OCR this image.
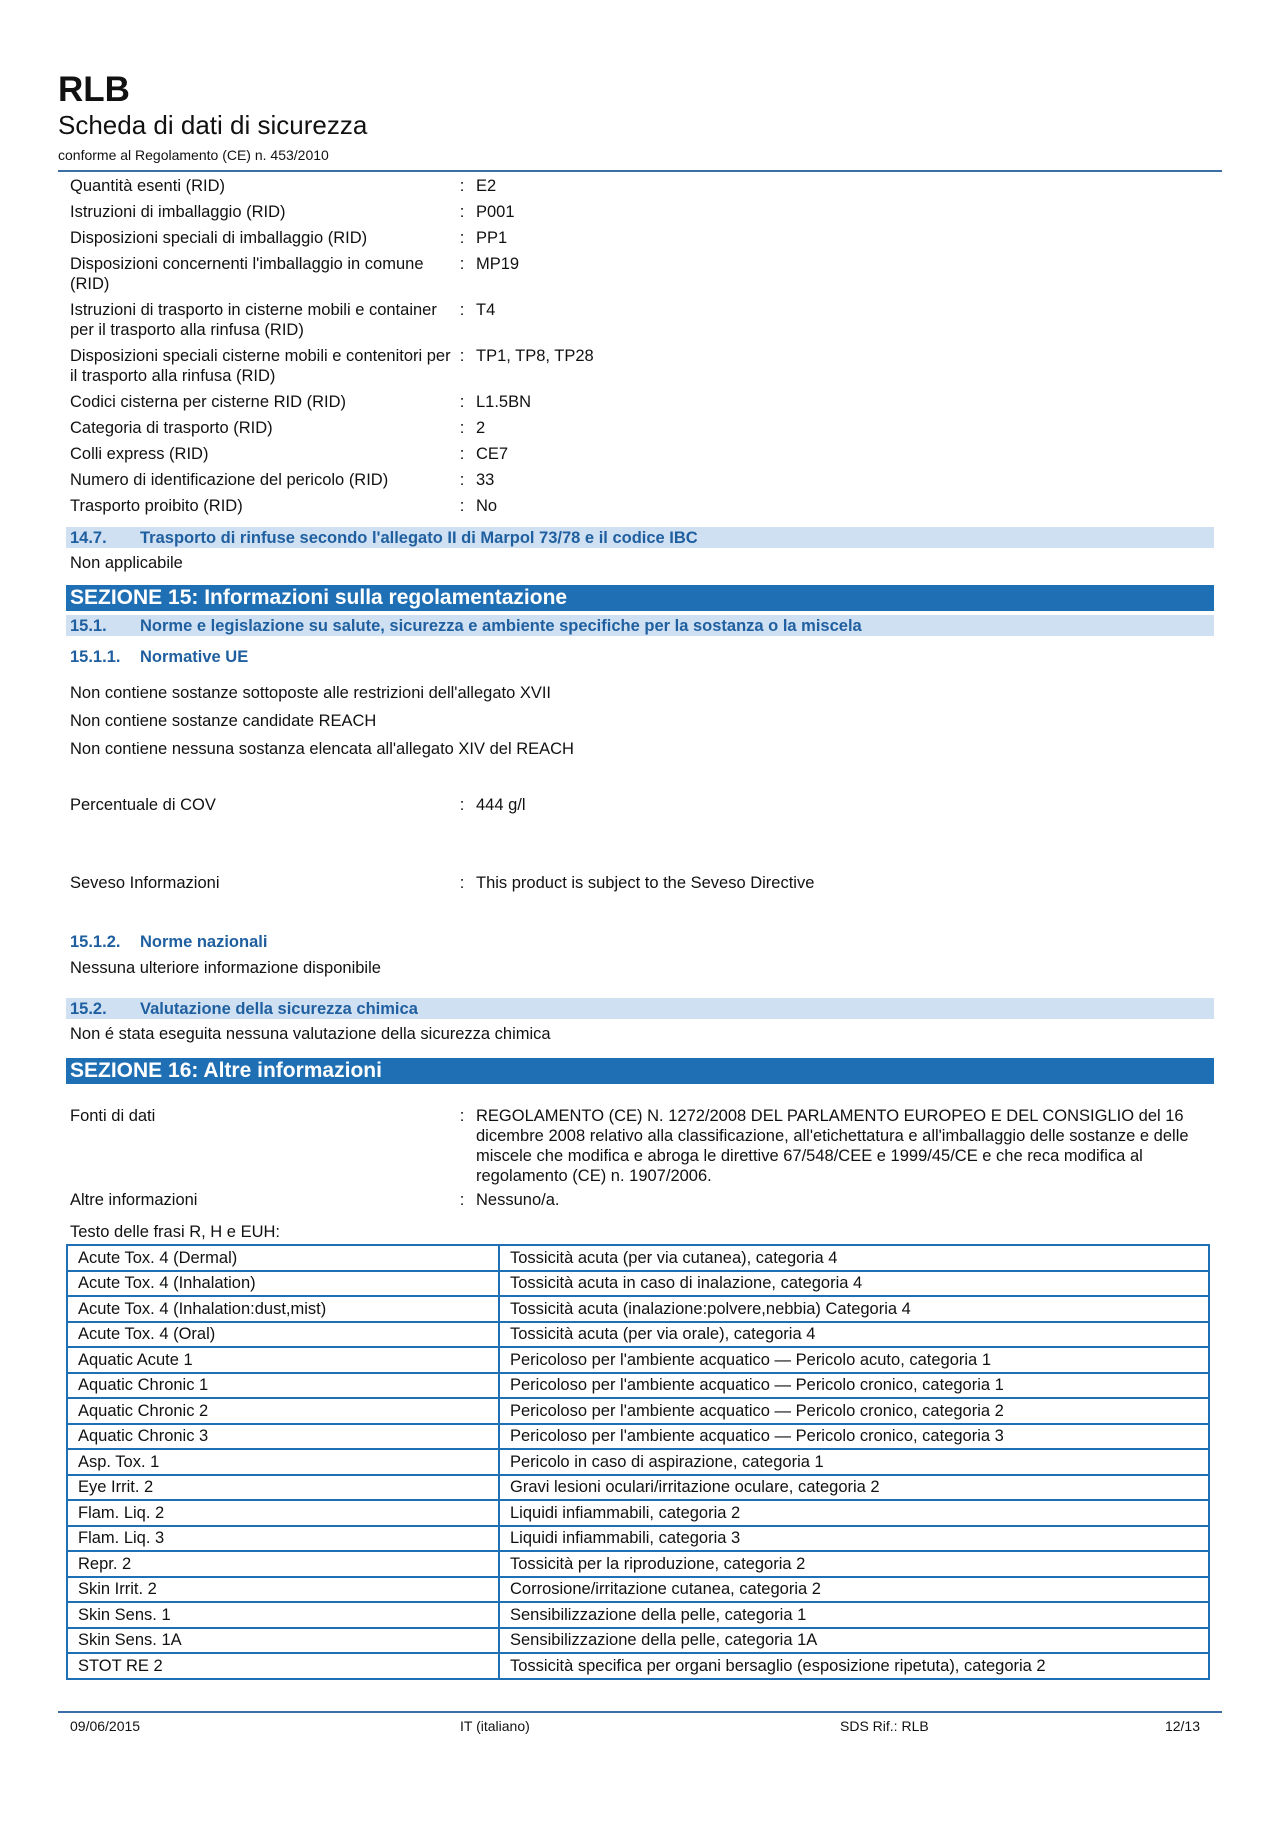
RLB
Scheda di dati di sicurezza
conforme al Regolamento (CE) n. 453/2010
Quantità esenti (RID)	: E2
Istruzioni di imballaggio (RID)	: P001
Disposizioni speciali di imballaggio (RID)	: PP1
Disposizioni concernenti l'imballaggio in comune (RID)
: MP19
Istruzioni di trasporto in cisterne mobili e container per il trasporto alla rinfusa (RID)
: T4
Disposizioni speciali cisterne mobili e contenitori per il trasporto alla rinfusa (RID)
: TP1, TP8, TP28
Codici cisterna per cisterne RID (RID)	: L1.5BN
Categoria di trasporto (RID)	: 2
Colli express (RID)	: CE7
Numero di identificazione del pericolo (RID)	: 33
Trasporto proibito (RID)	: No
14.7.	Trasporto di rinfuse secondo l'allegato II di Marpol 73/78 e il codice IBC
Non applicabile
SEZIONE 15: Informazioni sulla regolamentazione
15.1.	Norme e legislazione su salute, sicurezza e ambiente specifiche per la sostanza o la miscela
15.1.1.	Normative UE
Non contiene sostanze sottoposte alle restrizioni dell'allegato XVII
Non contiene sostanze candidate REACH
Non contiene nessuna sostanza elencata all'allegato XIV del REACH
Percentuale di COV	: 444 g/l
Seveso Informazioni	: This product is subject to the Seveso Directive
15.1.2.	Norme nazionali
Nessuna ulteriore informazione disponibile
15.2.	Valutazione della sicurezza chimica
Non é stata eseguita nessuna valutazione della sicurezza chimica
SEZIONE 16: Altre informazioni
Fonti di dati	: REGOLAMENTO (CE) N. 1272/2008 DEL PARLAMENTO EUROPEO E DEL CONSIGLIO del 16 dicembre 2008 relativo alla classificazione, all'etichettatura e all'imballaggio delle sostanze e delle miscele che modifica e abroga le direttive 67/548/CEE e 1999/45/CE e che reca modifica al regolamento (CE) n. 1907/2006.
Altre informazioni	: Nessuno/a.
Testo delle frasi R, H e EUH:
Acute Tox. 4 (Dermal)	Tossicità acuta (per via cutanea), categoria 4
Acute Tox. 4 (Inhalation)	Tossicità acuta in caso di inalazione, categoria 4
Acute Tox. 4 (Inhalation:dust,mist)	Tossicità acuta (inalazione:polvere,nebbia) Categoria 4
Acute Tox. 4 (Oral)	Tossicità acuta (per via orale), categoria 4
Aquatic Acute 1	Pericoloso per l'ambiente acquatico — Pericolo acuto, categoria 1
Aquatic Chronic 1	Pericoloso per l'ambiente acquatico — Pericolo cronico, categoria 1
Aquatic Chronic 2	Pericoloso per l'ambiente acquatico — Pericolo cronico, categoria 2
Aquatic Chronic 3	Pericoloso per l'ambiente acquatico — Pericolo cronico, categoria 3
Asp. Tox. 1	Pericolo in caso di aspirazione, categoria 1
Eye Irrit. 2	Gravi lesioni oculari/irritazione oculare, categoria 2
Flam. Liq. 2	Liquidi infiammabili, categoria 2
Flam. Liq. 3	Liquidi infiammabili, categoria 3
Repr. 2	Tossicità per la riproduzione, categoria 2
Skin Irrit. 2	Corrosione/irritazione cutanea, categoria 2
Skin Sens. 1	Sensibilizzazione della pelle, categoria 1
Skin Sens. 1A	Sensibilizzazione della pelle, categoria 1A
STOT RE 2	Tossicità specifica per organi bersaglio (esposizione ripetuta), categoria 2
09/06/2015	IT (italiano)	SDS Rif.: RLB	12/13
